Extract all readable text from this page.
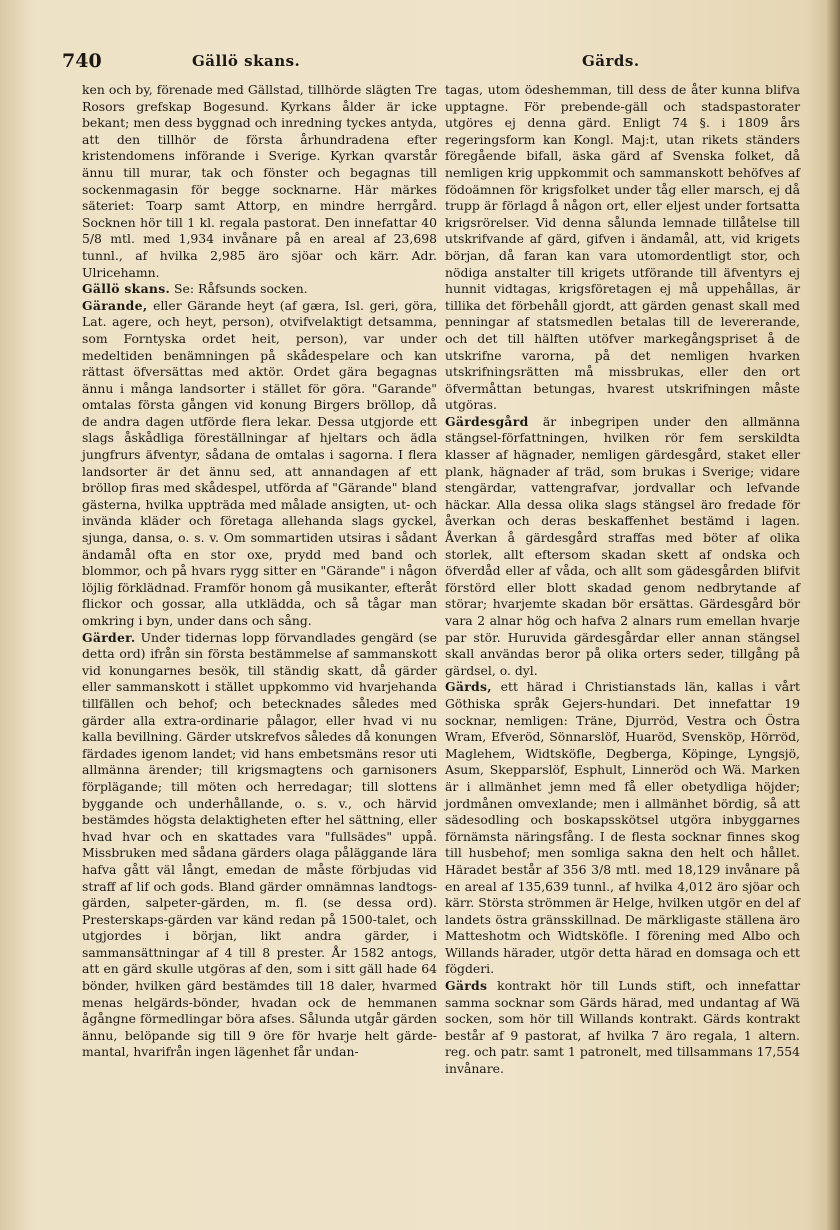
740	Gällö skans.	Gärds.

ken och by, förenade med Gällstad, tillhörde slägten Tre Rosors grefskap Bogesund. Kyrkans ålder är icke bekant; men dess byggnad och inredning tyckes antyda, att den tillhör de första århundradena efter kristendomens införande i Sverige. Kyrkan qvarstår ännu till murar, tak och fönster och begagnas till sockenmagasin för begge socknarne. Här märkes säteriet: Toarp samt Attorp, en mindre herrgård. Socknen hör till 1 kl. regala pastorat. Den innefattar 40 5/8 mtl. med 1,934 invånare på en areal af 23,698 tunnl., af hvilka 2,985 äro sjöar och kärr. Adr. Ulricehamn.

Gällö skans. Se: Råfsunds socken.

Gärande, eller Gärande heyt (af gæra, Isl. geri, göra, Lat. agere, och heyt, person), otvifvelaktigt detsamma, som Forntyska ordet heit, person), var under medeltiden benämningen på skådespelare och kan rättast öfversättas med aktör. Ordet gära begagnas ännu i många landsorter i stället för göra. "Garande" omtalas första gången vid konung Birgers bröllop, då de andra dagen utförde flera lekar. Dessa utgjorde ett slags åskådliga föreställningar af hjeltars och ädla jungfrurs äfventyr, sådana de omtalas i sagorna. I flera landsorter är det ännu sed, att annandagen af ett bröllop firas med skådespel, utförda af "Gärande" bland gästerna, hvilka uppträda med målade ansigten, ut- och invända kläder och företaga allehanda slags gyckel, sjunga, dansa, o. s. v. Om sommartiden utsiras i sådant ändamål ofta en stor oxe, prydd med band och blommor, och på hvars rygg sitter en "Gärande" i någon löjlig förklädnad. Framför honom gå musikanter, efteråt flickor och gossar, alla utklädda, och så tågar man omkring i byn, under dans och sång.

Gärder. Under tidernas lopp förvandlades gengärd (se detta ord) ifrån sin första bestämmelse af sammanskott vid konungarnes besök, till ständig skatt, då gärder eller sammanskott i stället uppkommo vid hvarjehanda tillfällen och behof; och betecknades således med gärder alla extra-ordinarie pålagor, eller hvad vi nu kalla bevillning. Gärder utskrefvos således då konungen färdades igenom landet; vid hans embetsmäns resor uti allmänna ärender; till krigsmagtens och garnisoners förplägande; till möten och herredagar; till slottens byggande och underhållande, o. s. v., och härvid bestämdes högsta delaktigheten efter hel sättning, eller hvad hvar och en skattades vara "fullsädes" uppå. Missbruken med sådana gärders olaga påläggande lära hafva gått väl långt, emedan de måste förbjudas vid straff af lif och gods. Bland gärder omnämnas landtogs-gärden, salpeter-gärden, m. fl. (se dessa ord). Presterskaps-gärden var känd redan på 1500-talet, och utgjordes i början, likt andra gärder, i sammansättningar af 4 till 8 prester. År 1582 antogs, att en gärd skulle utgöras af den, som i sitt gäll hade 64 bönder, hvilken gärd bestämdes till 18 daler, hvarmed menas helgärds-bönder, hvadan ock de hemmanen ågångne förmedlingar böra afses. Sålunda utgår gärden ännu, belöpande sig till 9 öre för hvarje helt gärde-mantal, hvarifrån ingen lägenhet får undan-

tagas, utom ödeshemman, till dess de åter kunna blifva upptagne. För prebende-gäll och stadspastorater utgöres ej denna gärd. Enligt 74 §. i 1809 års regeringsform kan Kongl. Maj:t, utan rikets ständers föregående bifall, äska gärd af Svenska folket, då nemligen krig uppkommit och sammanskott behöfves af födoämnen för krigsfolket under tåg eller marsch, ej då trupp är förlagd å någon ort, eller eljest under fortsatta krigsrörelser. Vid denna sålunda lemnade tillåtelse till utskrifvande af gärd, gifven i ändamål, att, vid krigets början, då faran kan vara utomordentligt stor, och nödiga anstalter till krigets utförande till äfventyrs ej hunnit vidtagas, krigsföretagen ej må uppehållas, är tillika det förbehåll gjordt, att gärden genast skall med penningar af statsmedlen betalas till de levererande, och det till hälften utöfver markegångspriset å de utskrifne varorna, på det nemligen hvarken utskrifningsrätten må missbrukas, eller den ort öfvermåttan betungas, hvarest utskrifningen måste utgöras.

Gärdesgård är inbegripen under den allmänna stängsel-författningen, hvilken rör fem serskildta klasser af hägnader, nemligen gärdesgård, staket eller plank, hägnader af träd, som brukas i Sverige; vidare stengärdar, vattengrafvar, jordvallar och lefvande häckar. Alla dessa olika slags stängsel äro fredade för åverkan och deras beskaffenhet bestämd i lagen. Åverkan å gärdesgård straffas med böter af olika storlek, allt eftersom skadan skett af ondska och öfverdåd eller af våda, och allt som gädesgården blifvit förstörd eller blott skadad genom nedbrytande af störar; hvarjemte skadan bör ersättas. Gärdesgård bör vara 2 alnar hög och hafva 2 alnars rum emellan hvarje par stör. Huruvida gärdesgårdar eller annan stängsel skall användas beror på olika orters seder, tillgång på gärdsel, o. dyl.

Gärds, ett härad i Christianstads län, kallas i vårt Göthiska språk Gejers-hundari. Det innefattar 19 socknar, nemligen: Träne, Djurröd, Vestra och Östra Wram, Efveröd, Sönnarslöf, Huaröd, Svensköp, Hörröd, Maglehem, Widtsköfle, Degberga, Köpinge, Lyngsjö, Asum, Skepparslöf, Esphult, Linneröd och Wä. Marken är i allmänhet jemn med få eller obetydliga höjder; jordmånen omvexlande; men i allmänhet bördig, så att sädesodling och boskapsskötsel utgöra inbyggarnes förnämsta näringsfång. I de flesta socknar finnes skog till husbehof; men somliga sakna den helt och hållet. Häradet består af 356 3/8 mtl. med 18,129 invånare på en areal af 135,639 tunnl., af hvilka 4,012 äro sjöar och kärr. Största strömmen är Helge, hvilken utgör en del af landets östra gränsskillnad. De märkligaste ställena äro Matteshotm och Widtsköfle. I förening med Albo och Willands härader, utgör detta härad en domsaga och ett fögderi.

Gärds kontrakt hör till Lunds stift, och innefattar samma socknar som Gärds härad, med undantag af Wä socken, som hör till Willands kontrakt. Gärds kontrakt består af 9 pastorat, af hvilka 7 äro regala, 1 altern. reg. och patr. samt 1 patronelt, med tillsammans 17,554 invånare.
